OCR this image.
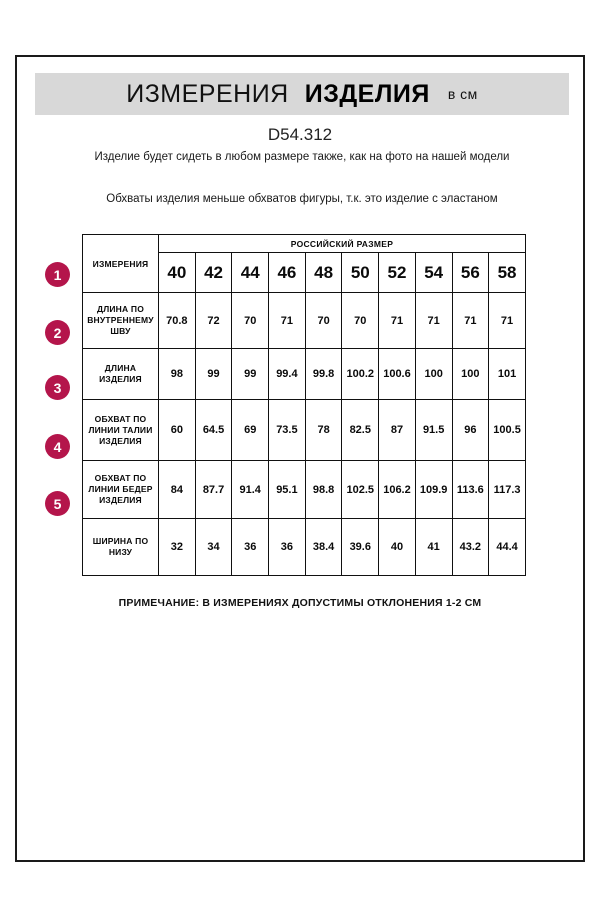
ИЗМЕРЕНИЯ ИЗДЕЛИЯ в см
D54.312
Изделие будет сидеть в любом размере также, как на фото на нашей модели
Обхваты изделия меньше обхватов фигуры, т.к. это изделие с эластаном
1
2
3
4
5
ИЗМЕРЕНИЯ	РОССИЙСКИЙ РАЗМЕР									
	40	42	44	46	48	50	52	54	56	58
ДЛИНА ПО ВНУТРЕННЕМУ ШВУ	70.8	72	70	71	70	70	71	71	71	71
ДЛИНА ИЗДЕЛИЯ	98	99	99	99.4	99.8	100.2	100.6	100	100	101
ОБХВАТ ПО ЛИНИИ ТАЛИИ ИЗДЕЛИЯ	60	64.5	69	73.5	78	82.5	87	91.5	96	100.5
ОБХВАТ ПО ЛИНИИ БЕДЕР ИЗДЕЛИЯ	84	87.7	91.4	95.1	98.8	102.5	106.2	109.9	113.6	117.3
ШИРИНА ПО НИЗУ	32	34	36	36	38.4	39.6	40	41	43.2	44.4
ПРИМЕЧАНИЕ: В ИЗМЕРЕНИЯХ ДОПУСТИМЫ ОТКЛОНЕНИЯ 1-2 СМ
